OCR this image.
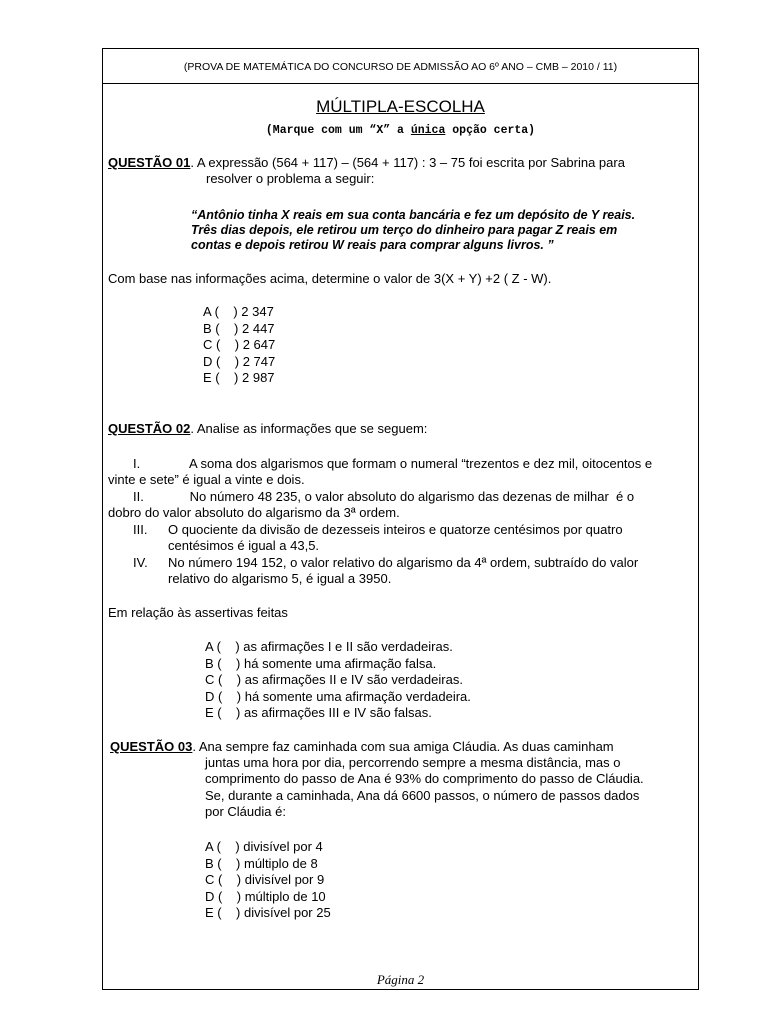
(PROVA DE MATEMÁTICA DO CONCURSO DE ADMISSÃO AO 6º ANO – CMB – 2010 / 11)
MÚLTIPLA-ESCOLHA
(Marque com um “X” a única opção certa)
QUESTÃO 01. A expressão (564 + 117) – (564 + 117) : 3 – 75 foi escrita por Sabrina para
resolver o problema a seguir:
“Antônio tinha X reais em sua conta bancária e fez um depósito de Y reais.
Três dias depois, ele retirou um terço do dinheiro para pagar Z reais em
contas e depois retirou W reais para comprar alguns livros. ”
Com base nas informações acima, determine o valor de 3(X + Y) +2 ( Z - W).
A (    ) 2 347
B (    ) 2 447
C (    ) 2 647
D (    ) 2 747
E (    ) 2 987
QUESTÃO 02. Analise as informações que se seguem:
I.	A soma dos algarismos que formam o numeral “trezentos e dez mil, oitocentos e
vinte e sete” é igual a vinte e dois.
II.	No número 48 235, o valor absoluto do algarismo das dezenas de milhar  é o
dobro do valor absoluto do algarismo da 3ª ordem.
III. O quociente da divisão de dezesseis inteiros e quatorze centésimos por quatro
centésimos é igual a 43,5.
IV. No número 194 152, o valor relativo do algarismo da 4ª ordem, subtraído do valor
relativo do algarismo 5, é igual a 3950.
Em relação às assertivas feitas
A (    ) as afirmações I e II são verdadeiras.
B (    ) há somente uma afirmação falsa.
C (    ) as afirmações II e IV são verdadeiras.
D (    ) há somente uma afirmação verdadeira.
E (    ) as afirmações III e IV são falsas.
QUESTÃO 03. Ana sempre faz caminhada com sua amiga Cláudia. As duas caminham
juntas uma hora por dia, percorrendo sempre a mesma distância, mas o
comprimento do passo de Ana é 93% do comprimento do passo de Cláudia.
Se, durante a caminhada, Ana dá 6600 passos, o número de passos dados
por Cláudia é:
A (    ) divisível por 4
B (    ) múltiplo de 8
C (    ) divisível por 9
D (    ) múltiplo de 10
E (    ) divisível por 25
Página 2
